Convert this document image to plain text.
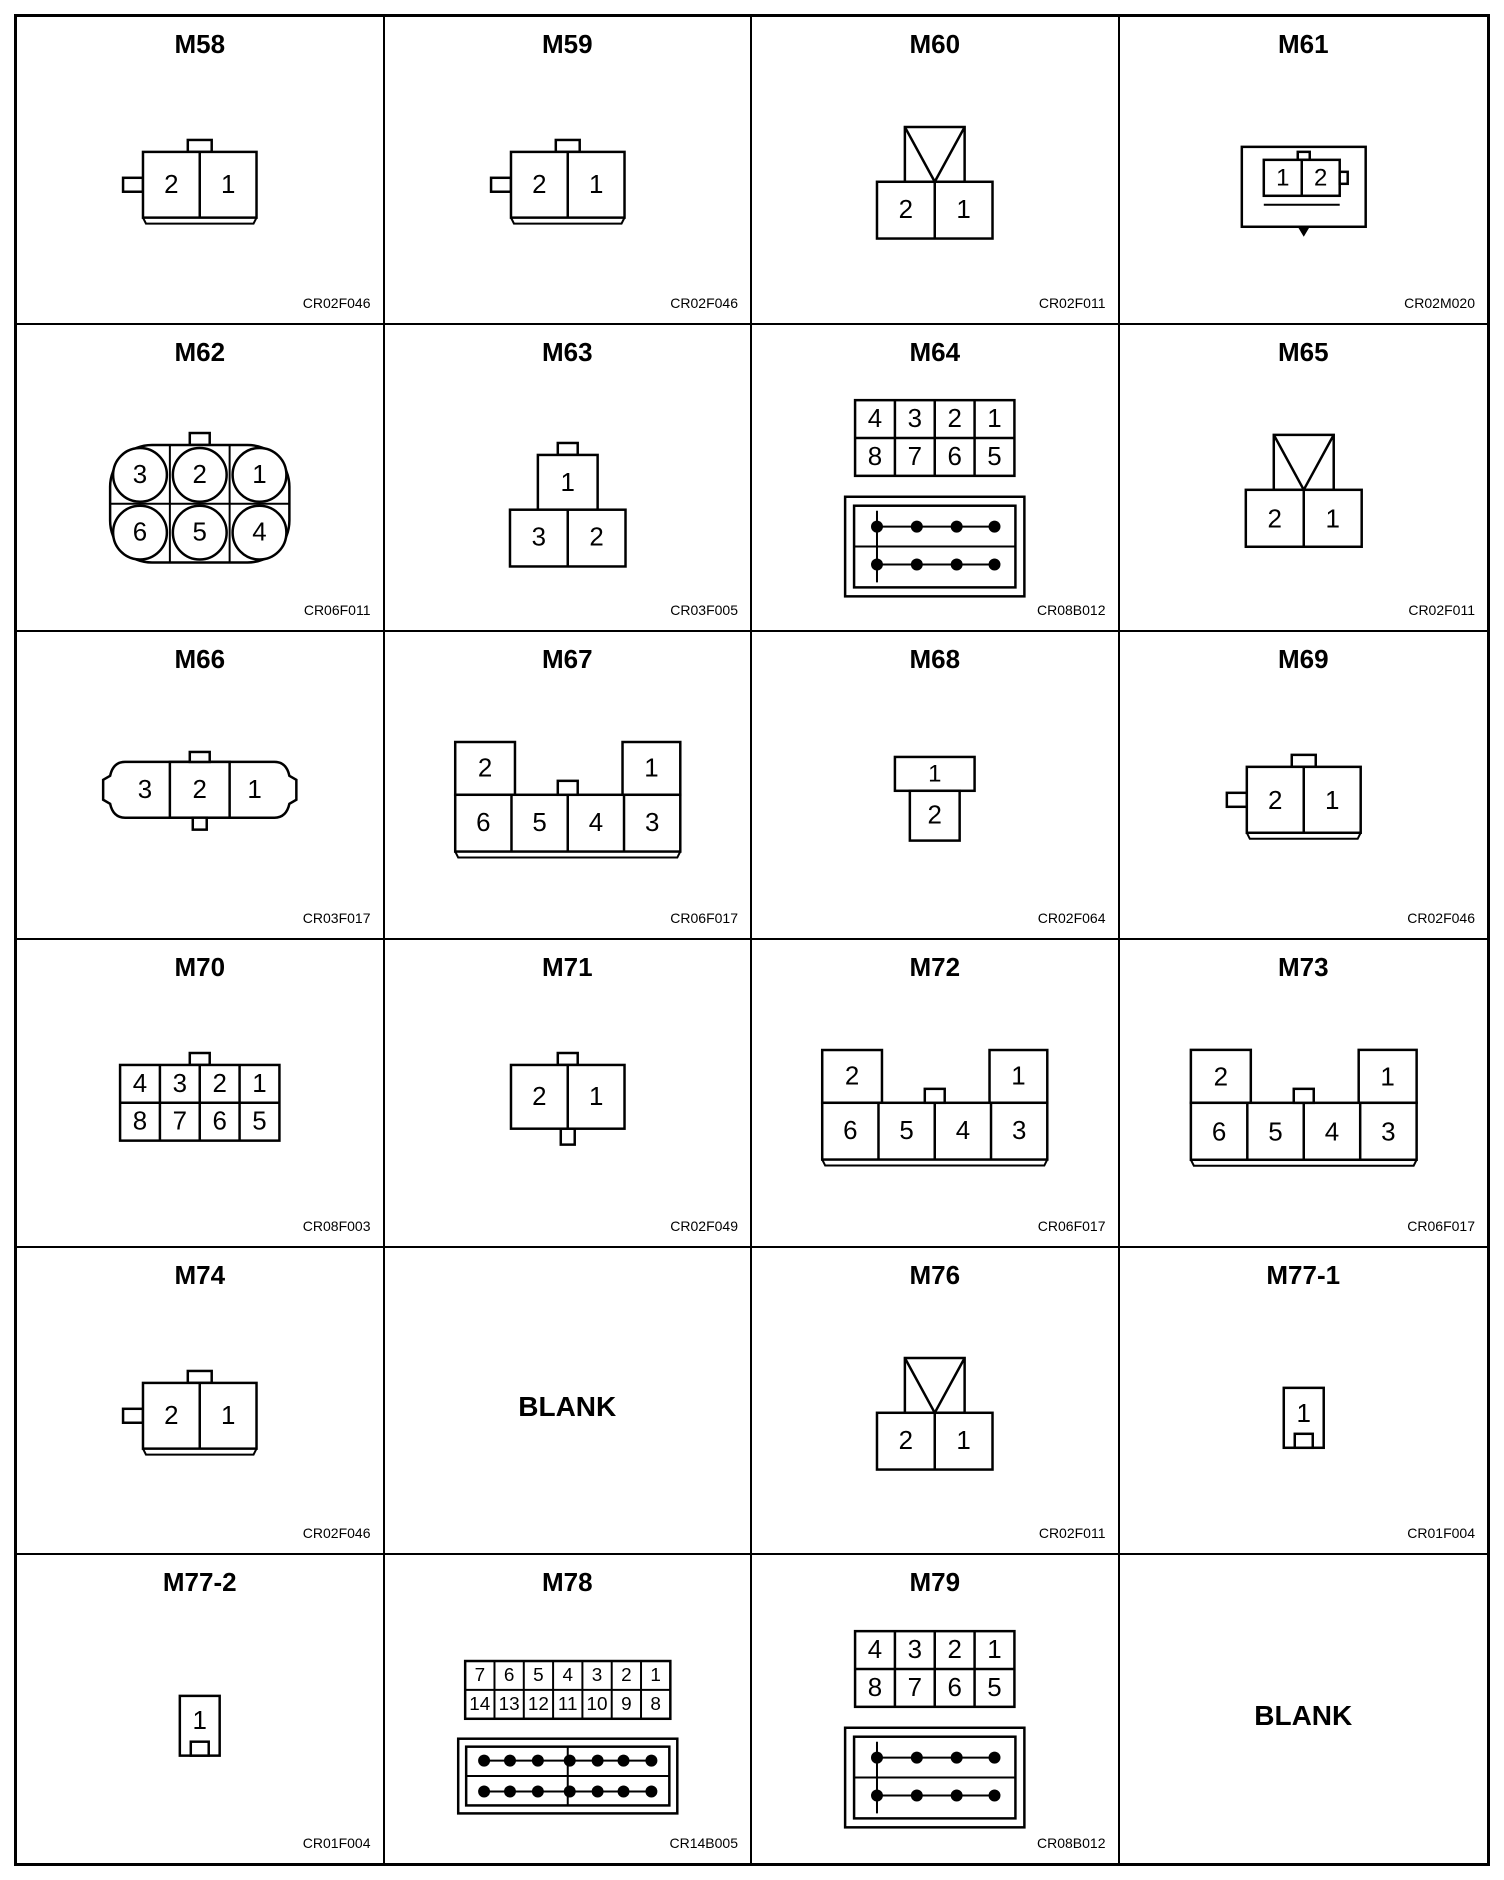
M58
2 1
CR02F046
M59
2 1
CR02F046
M60
2 1
CR02F011
M61
1 2
CR02M020
M62
3 2 1
6 5 4
CR06F011
M63
1
3 2
CR03F005
M64
4 3 2 1
8 7 6 5
CR08B012
M65
2 1
CR02F011
M66
3 2 1
CR03F017
M67
2	1
6 5 4 3
CR06F017
M68
1
2
CR02F064
M69
2 1
CR02F046
M70
4 3 2 1
8 7 6 5
CR08F003
M71
2 1
CR02F049
M72
2	1
6 5 4 3
CR06F017
M73
2	1
6 5 4 3
CR06F017
M74
2 1
CR02F046
BLANK
M76
2 1
CR02F011
M77-1
1
CR01F004
M77-2
1
CR01F004
M78
7 6 5 4 3 2 1
14 13 12 11 10 9 8
CR14B005
M79
4 3 2 1
8 7 6 5
CR08B012
BLANK
